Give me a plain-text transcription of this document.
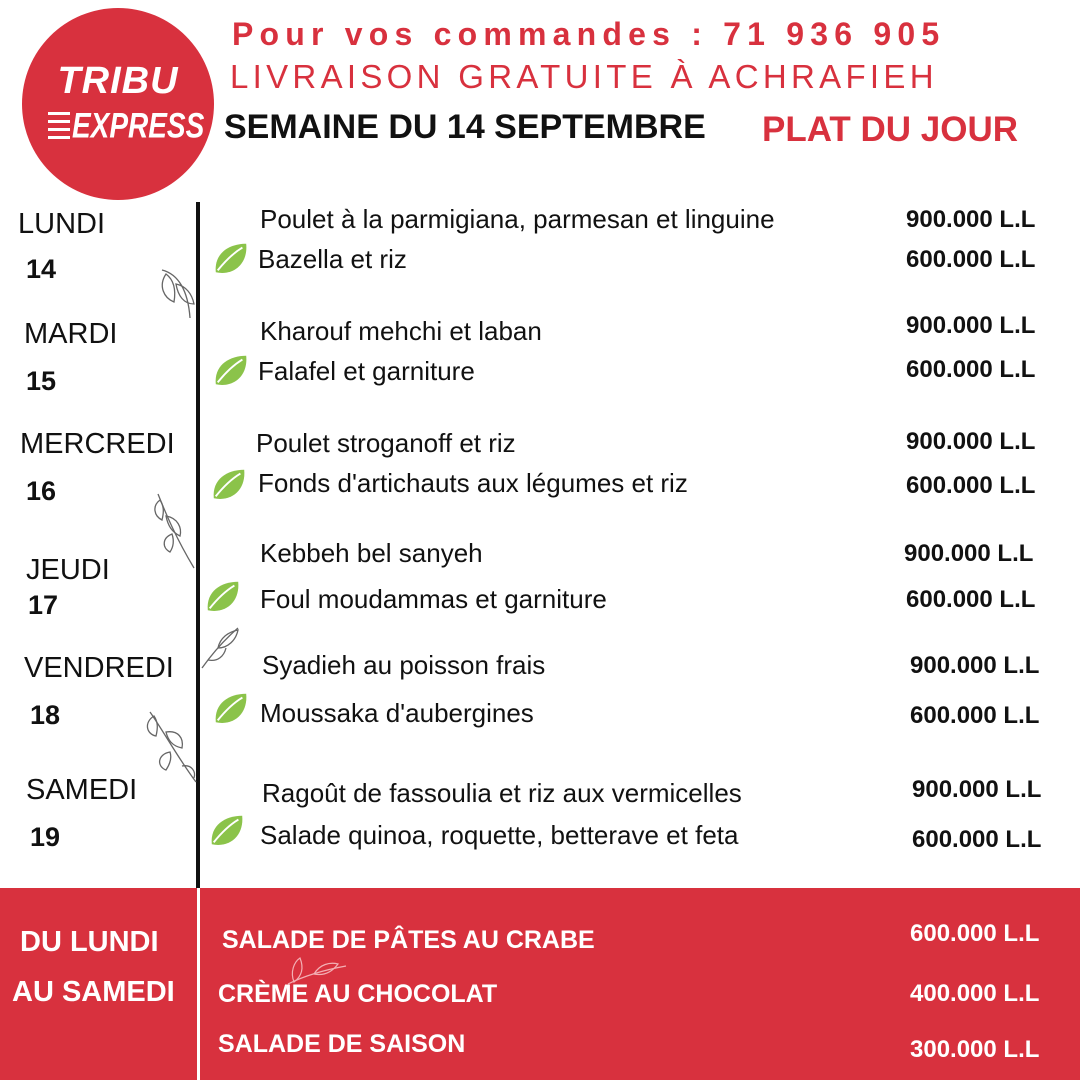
TRIBU
EXPRESS
Pour vos commandes : 71 936 905
LIVRAISON GRATUITE À ACHRAFIEH
SEMAINE DU 14 SEPTEMBRE PLAT DU JOUR
LUNDI
14
Poulet à la parmigiana, parmesan et linguine	900.000 L.L
Bazella et riz	600.000 L.L
MARDI
15
Kharouf mehchi et laban	900.000 L.L
Falafel et garniture	600.000 L.L
MERCREDI
16
Poulet stroganoff et riz	900.000 L.L
Fonds d'artichauts aux légumes et riz	600.000 L.L
JEUDI
17
Kebbeh bel sanyeh	900.000 L.L
Foul moudammas et garniture	600.000 L.L
VENDREDI
18
Syadieh au poisson frais	900.000 L.L
Moussaka d'aubergines	600.000 L.L
SAMEDI
19
Ragoût de fassoulia et riz aux vermicelles	900.000 L.L
Salade quinoa, roquette, betterave et feta	600.000 L.L
DU LUNDI
AU SAMEDI
SALADE DE PÂTES AU CRABE	600.000 L.L
CRÈME AU CHOCOLAT	400.000 L.L
SALADE DE SAISON	300.000 L.L
